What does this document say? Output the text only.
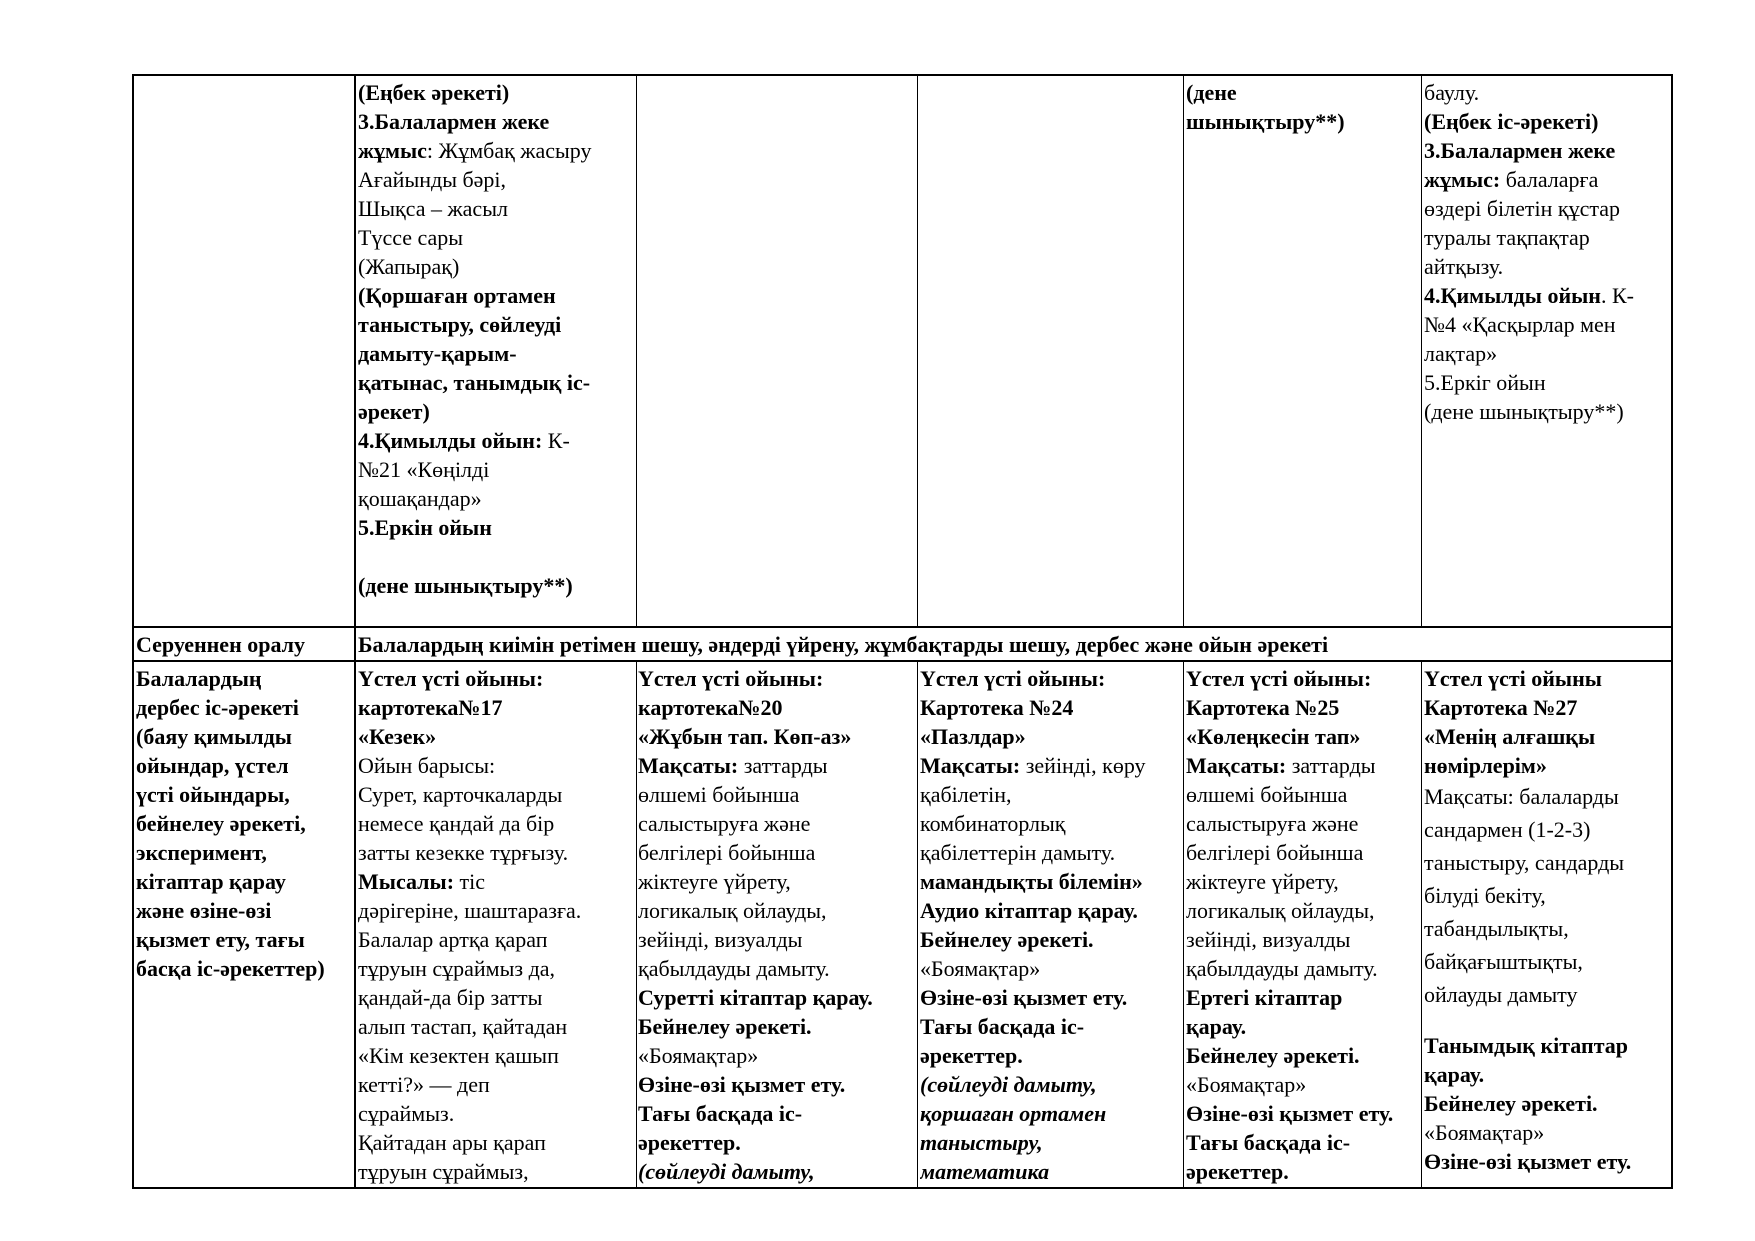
(Еңбек әрекеті)
3.Балалармен жеке
жұмыс: Жұмбақ жасыру
Ағайынды бәрі,
Шықса – жасыл
Түссе сары
(Жапырақ)
(Қоршаған ортамен
таныстыру, сөйлеуді
дамыту-қарым-
қатынас, танымдық іс-
әрекет)
4.Қимылды ойын: К-
№21 «Көңілді
қошақандар»
5.Еркін ойын
(дене шынықтыру**)
(дене
шынықтыру**)
баулу.
(Еңбек іс-әрекеті)
3.Балалармен жеке
жұмыс: балаларға
өздері білетін құстар
туралы тақпақтар
айтқызу.
4.Қимылды ойын. К-
№4 «Қасқырлар мен
лақтар»
5.Еркіг ойын
(дене шынықтыру**)
Серуеннен оралу	Балалардың киімін ретімен шешу, әндерді үйрену, жұмбақтарды шешу, дербес және ойын әрекеті
Балалардың
дербес іс-әрекеті
(баяу қимылды
ойындар, үстел
үсті ойындары,
бейнелеу әрекеті,
эксперимент,
кітаптар қарау
және өзіне-өзі
қызмет ету, тағы
басқа іс-әрекеттер)
Үстел үсті ойыны:
картотека№17
«Кезек»
Ойын барысы:
Сурет, карточкаларды
немесе қандай да бір
затты кезекке тұрғызу.
Мысалы: тіс
дәрігеріне, шаштаразға.
Балалар артқа қарап
тұруын сұраймыз да,
қандай-да бір затты
алып тастап, қайтадан
«Кім кезектен қашып
кетті?» — деп
сұраймыз.
Қайтадан ары қарап
тұруын сұраймыз,
Үстел үсті ойыны:
картотека№20
«Жұбын тап. Көп-аз»
Мақсаты: заттарды
өлшемі бойынша
салыстыруға және
белгілері бойынша
жіктеуге үйрету,
логикалық ойлауды,
зейінді, визуалды
қабылдауды дамыту.
Суретті кітаптар қарау.
Бейнелеу әрекеті.
«Боямақтар»
Өзіне-өзі қызмет ету.
Тағы басқада іс-
әрекеттер.
(сөйлеуді дамыту,
Үстел үсті ойыны:
Картотека №24
«Пазлдар»
Мақсаты: зейінді, көру
қабілетін,
комбинаторлық
қабілеттерін дамыту.
мамандықты білемін»
Аудио кітаптар қарау.
Бейнелеу әрекеті.
«Боямақтар»
Өзіне-өзі қызмет ету.
Тағы басқада іс-
әрекеттер.
(сөйлеуді дамыту,
қоршаған ортамен
таныстыру,
математика
Үстел үсті ойыны:
Картотека №25
«Көлеңкесін тап»
Мақсаты: заттарды
өлшемі бойынша
салыстыруға және
белгілері бойынша
жіктеуге үйрету,
логикалық ойлауды,
зейінді, визуалды
қабылдауды дамыту.
Ертегі кітаптар
қарау.
Бейнелеу әрекеті.
«Боямақтар»
Өзіне-өзі қызмет ету.
Тағы басқада іс-
әрекеттер.
Үстел үсті ойыны
Картотека №27
«Менің алғашқы
нөмірлерім»
Мақсаты: балаларды
сандармен (1-2-3)
таныстыру, сандарды
білуді бекіту,
табандылықты,
байқағыштықты,
ойлауды дамыту
Танымдық кітаптар
қарау.
Бейнелеу әрекеті.
«Боямақтар»
Өзіне-өзі қызмет ету.
